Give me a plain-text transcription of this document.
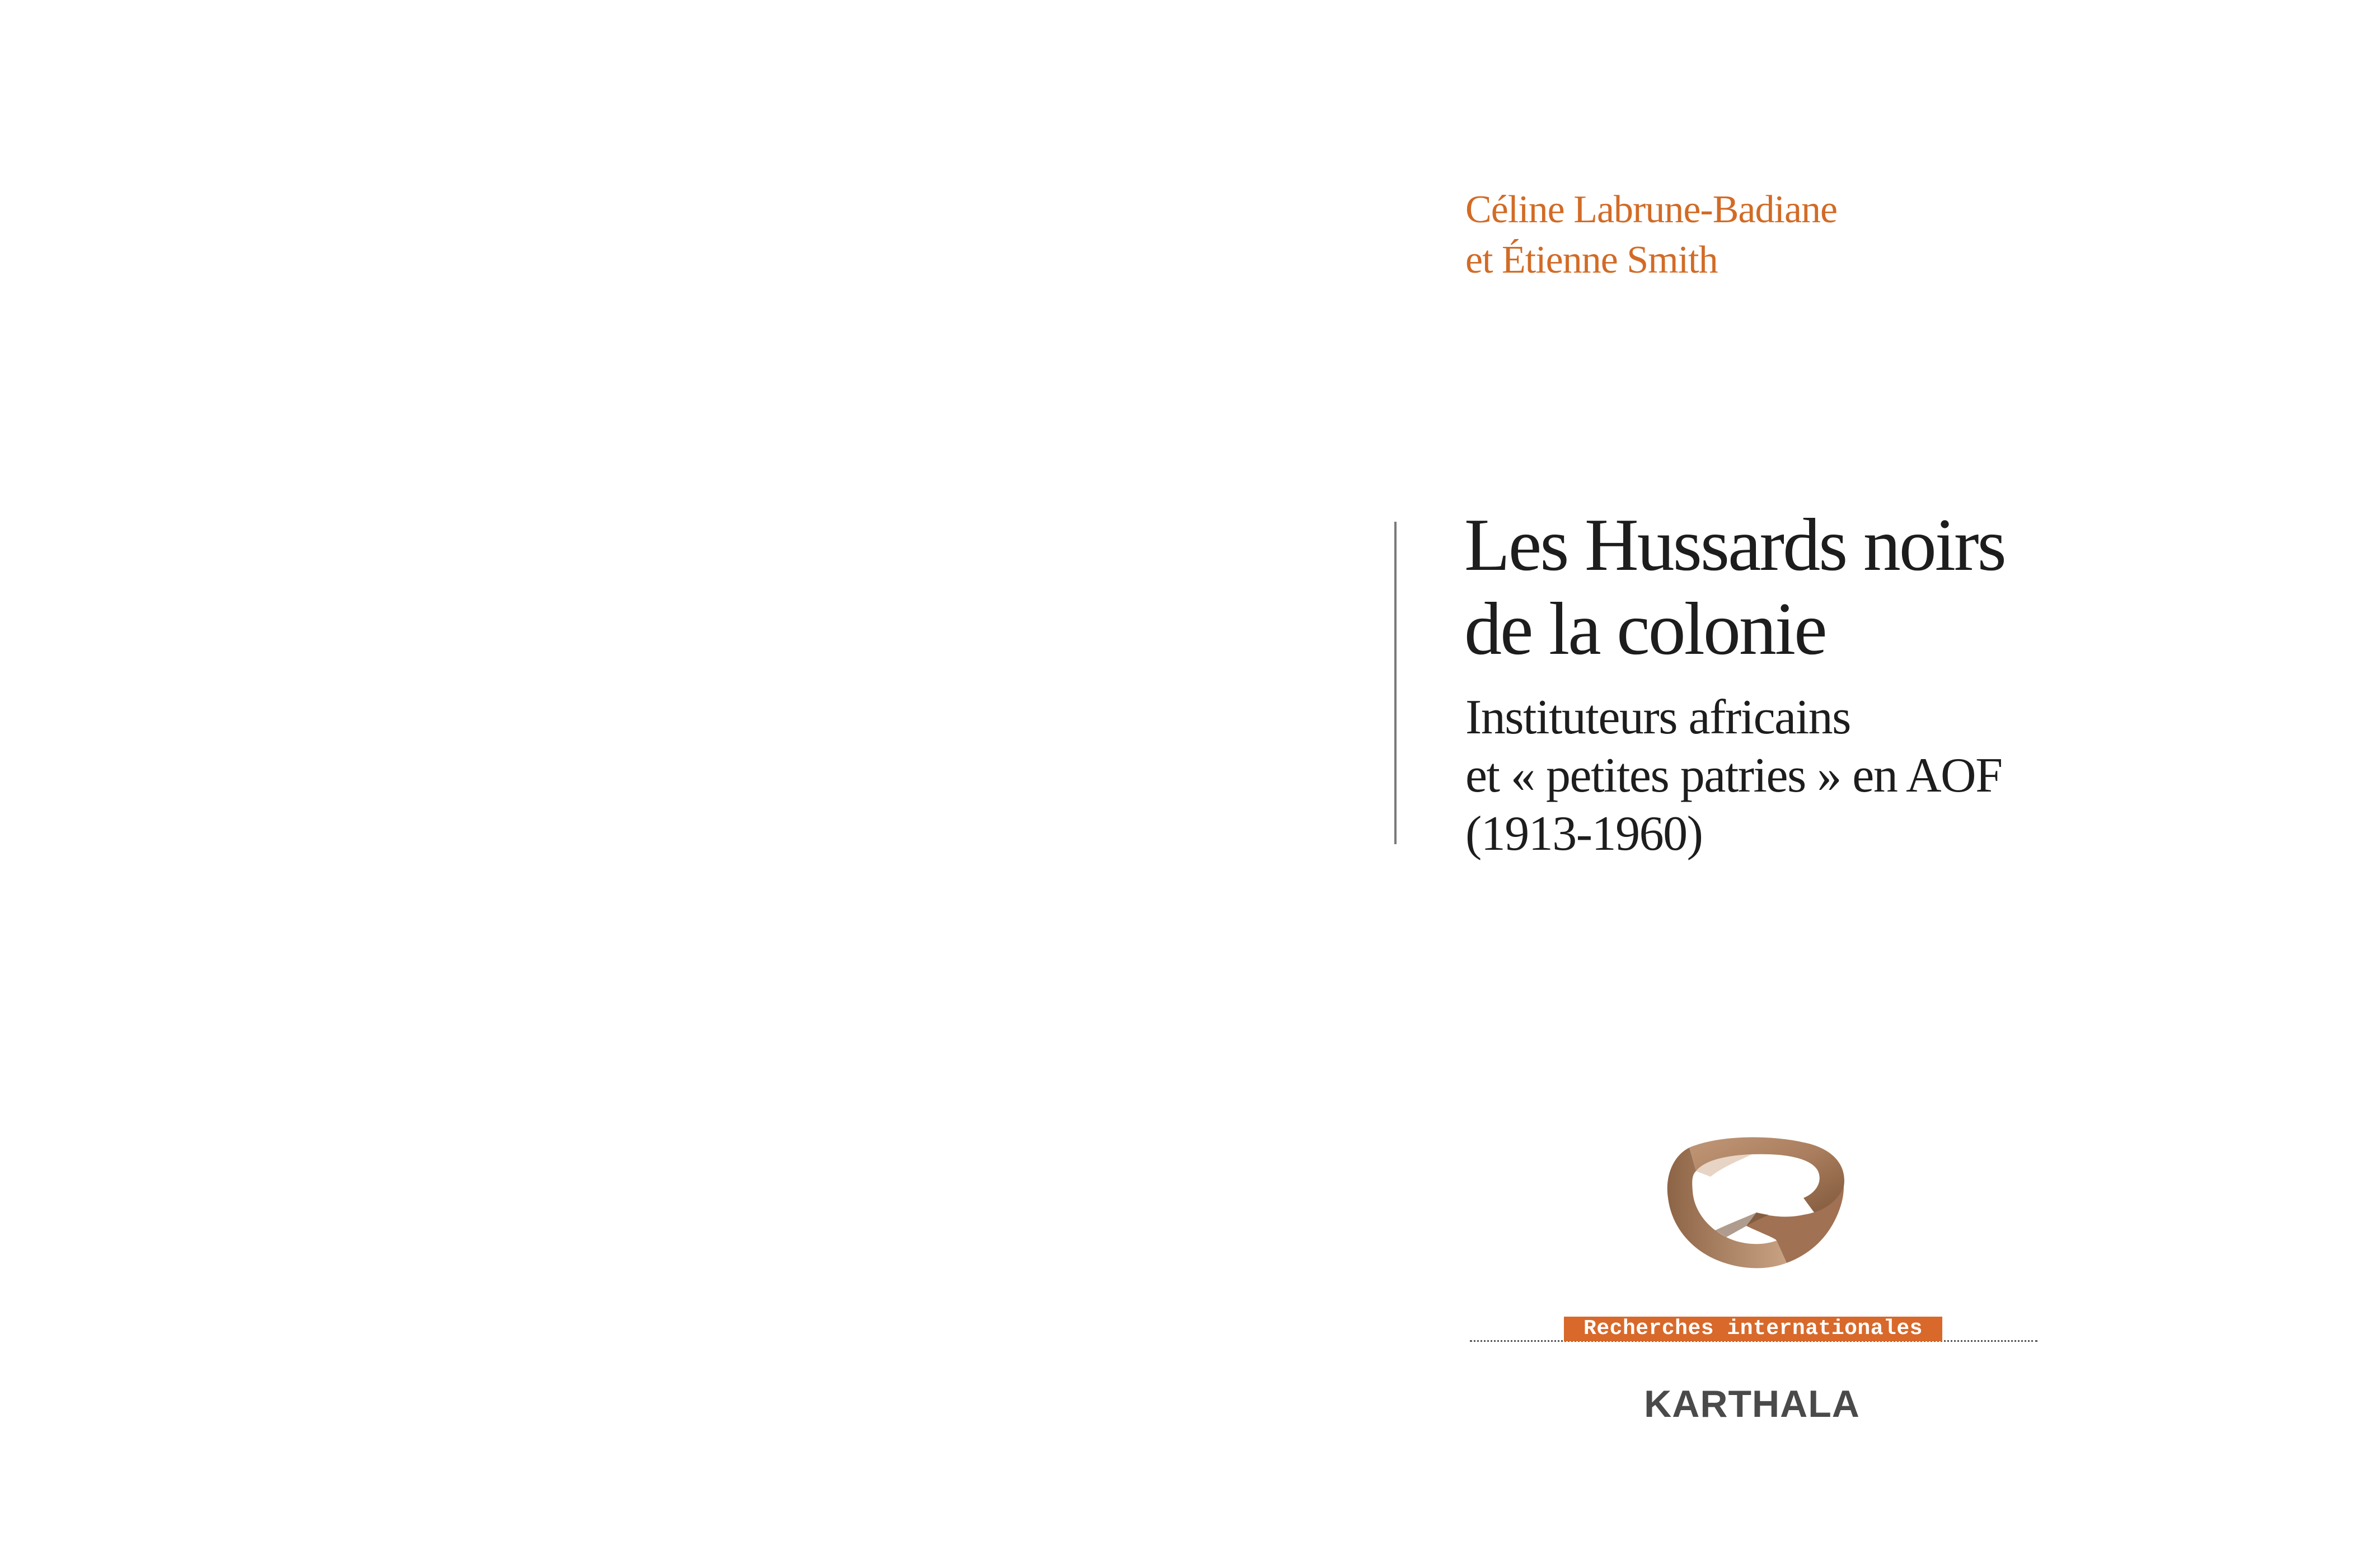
Céline Labrune-Badiane
et Étienne Smith
Les Hussards noirs
de la colonie
Instituteurs africains
et « petites patries » en AOF
(1913-1960)
Recherches internationales
KARTHALA
